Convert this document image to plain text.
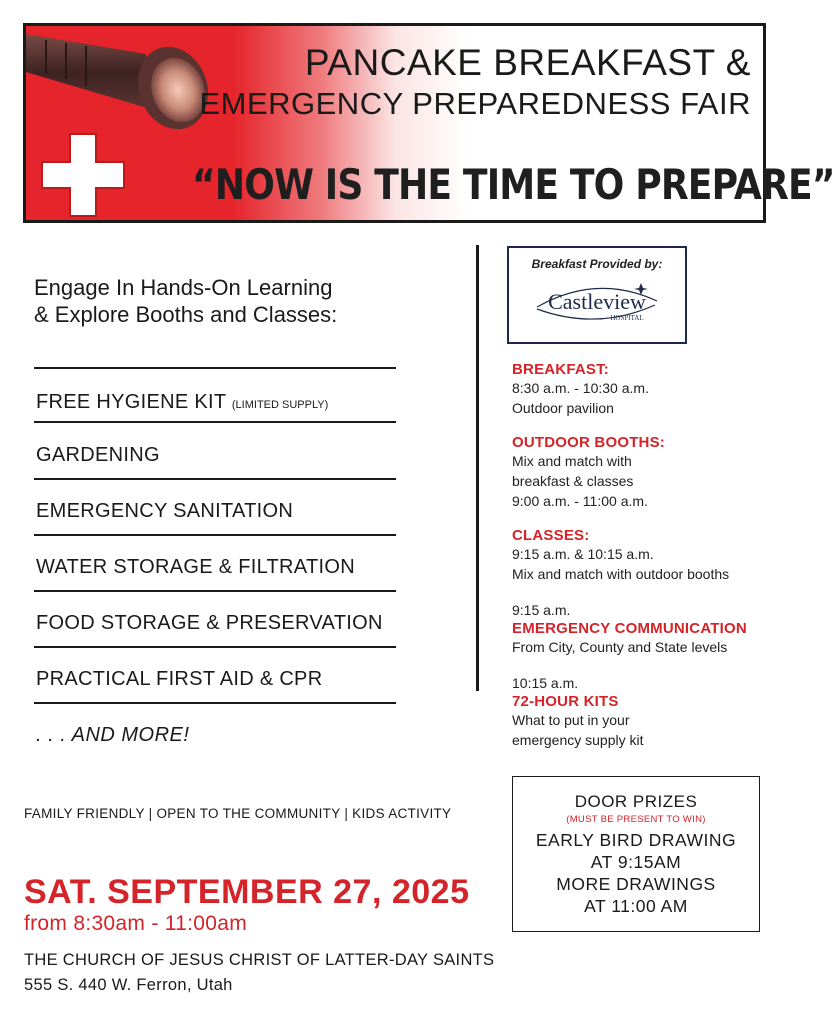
PANCAKE BREAKFAST &
EMERGENCY PREPAREDNESS FAIR
“NOW IS THE TIME TO PREPARE”
Engage In Hands-On Learning
& Explore Booths and Classes:
FREE HYGIENE KIT (LIMITED SUPPLY)
GARDENING
EMERGENCY SANITATION
WATER STORAGE & FILTRATION
FOOD STORAGE & PRESERVATION
PRACTICAL FIRST AID & CPR
. . . AND MORE!
Breakfast Provided by:
Castleview
HOSPITAL
BREAKFAST:
8:30 a.m. - 10:30 a.m.
Outdoor pavilion
OUTDOOR BOOTHS:
Mix and match with
breakfast & classes
9:00 a.m. - 11:00 a.m.
CLASSES:
9:15 a.m. & 10:15 a.m.
Mix and match with outdoor booths
9:15 a.m.
EMERGENCY COMMUNICATION
From City, County and State levels
10:15 a.m.
72-HOUR KITS
What to put in your
emergency supply kit
FAMILY FRIENDLY | OPEN TO THE COMMUNITY | KIDS ACTIVITY
SAT. SEPTEMBER 27, 2025
from 8:30am - 11:00am
THE CHURCH OF JESUS CHRIST OF LATTER-DAY SAINTS
555 S. 440 W. Ferron, Utah
DOOR PRIZES
(MUST BE PRESENT TO WIN)
EARLY BIRD DRAWING
AT 9:15AM
MORE DRAWINGS
AT 11:00 AM
